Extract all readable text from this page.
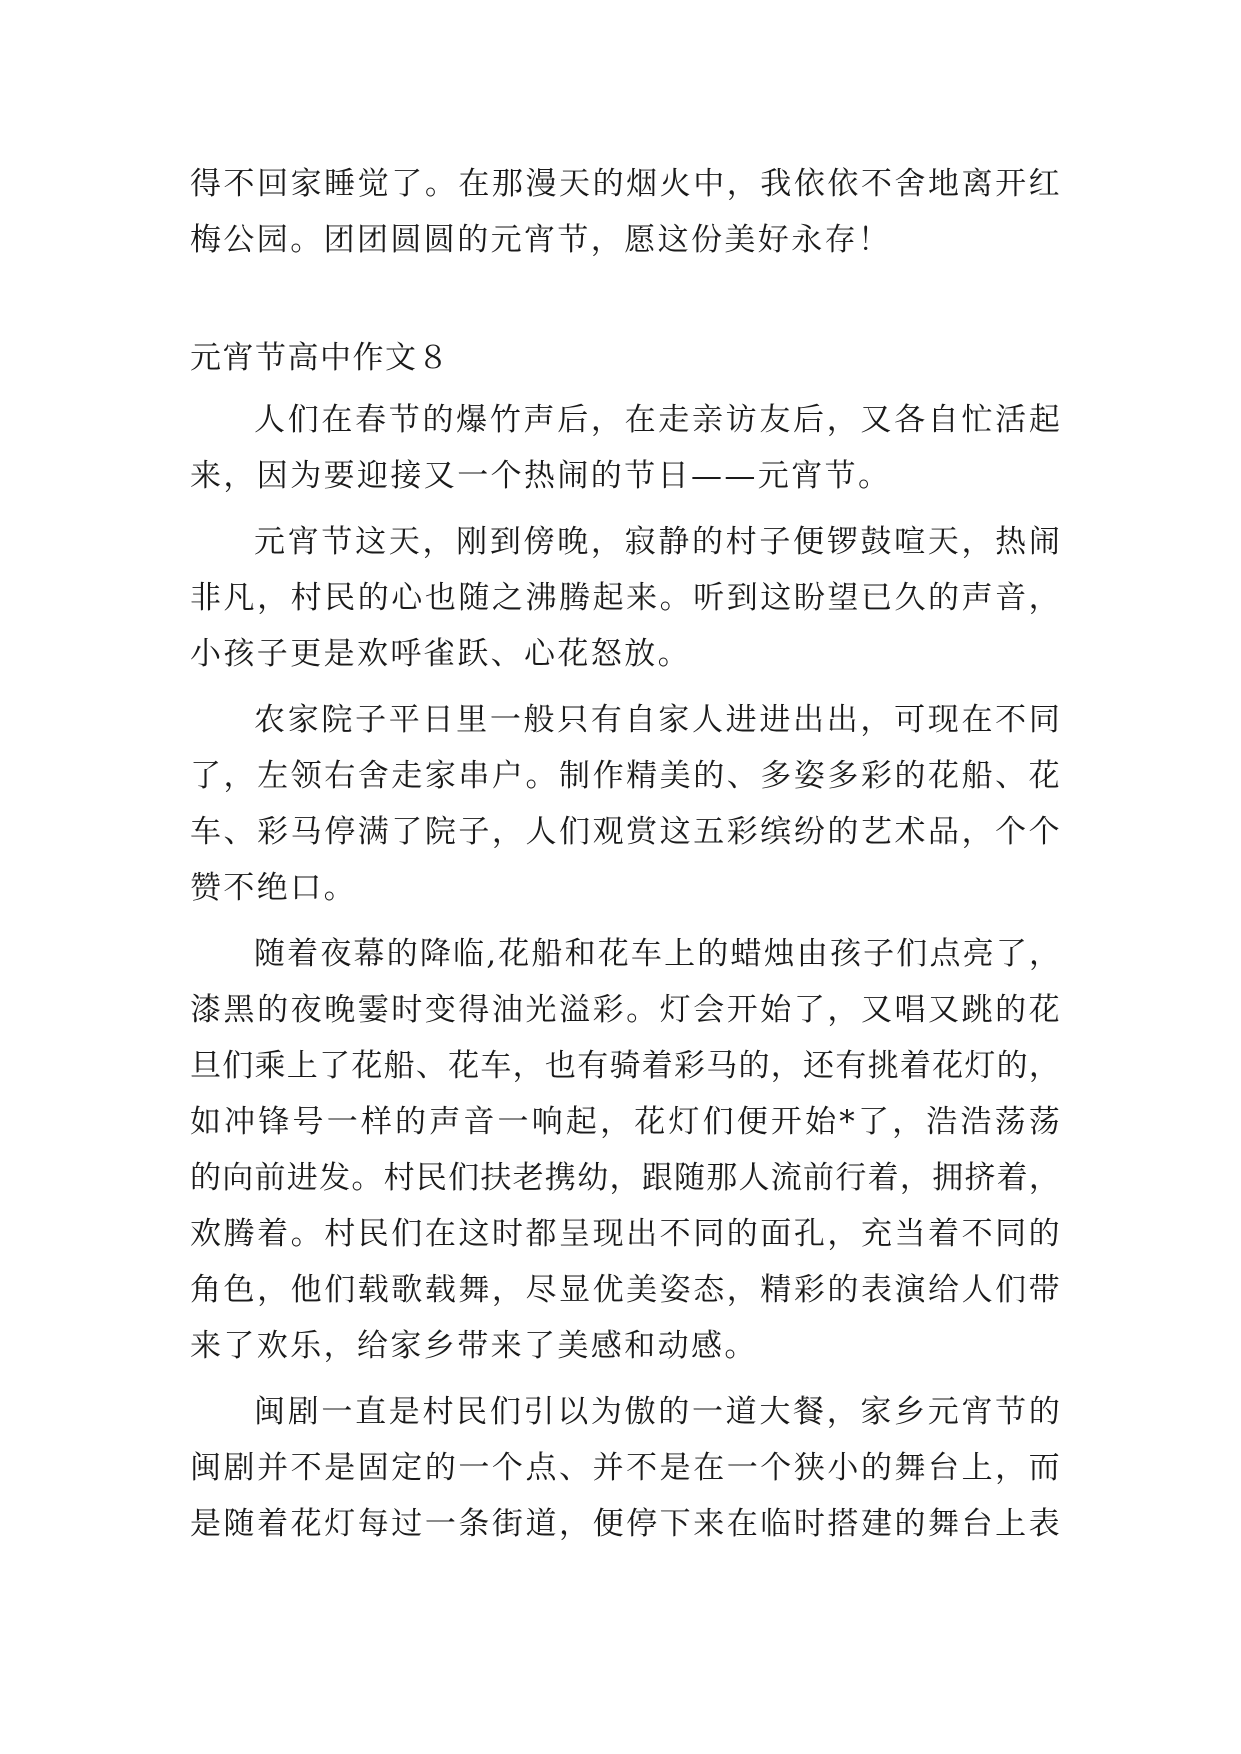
得 不 回 家 睡 觉 了 。 在 那 漫 天 的 烟 火 中 ， 我 依 依 不 舍 地 离 开 红
梅公园。团团圆圆的元宵节，愿这份美好永存！
元宵节高中作文８
人 们 在 春 节 的 爆 竹 声 后 ， 在 走 亲 访 友 后 ， 又 各 自 忙 活 起
来，因为要迎接又一个热闹的节日——元宵节。
元 宵 节 这 天 ， 刚 到 傍 晚 ， 寂 静 的 村 子 便 锣 鼓 喧 天 ， 热 闹
非 凡 ， 村 民 的 心 也 随 之 沸 腾 起 来 。 听 到 这 盼 望 已 久 的 声 音 ，
小孩子更是欢呼雀跃、心花怒放。
农 家 院 子 平 日 里 一 般 只 有 自 家 人 进 进 出 出 ， 可 现 在 不 同
了 ， 左 领 右 舍 走 家 串 户 。 制 作 精 美 的 、 多 姿 多 彩 的 花 船 、 花
车 、 彩 马 停 满 了 院 子 ， 人 们 观 赏 这 五 彩 缤 纷 的 艺 术 品 ， 个 个
赞不绝口。
随 着 夜 幕 的 降 临 , 花 船 和 花 车 上 的 蜡 烛 由 孩 子 们 点 亮 了 ，
漆 黑 的 夜 晚 霎 时 变 得 油 光 溢 彩 。 灯 会 开 始 了 ， 又 唱 又 跳 的 花
旦 们 乘 上 了 花 船 、 花 车 ， 也 有 骑 着 彩 马 的 ， 还 有 挑 着 花 灯 的 ，
如 冲 锋 号 一 样 的 声 音 一 响 起 ， 花 灯 们 便 开 始 * 了 ， 浩 浩 荡 荡
的 向 前 进 发 。 村 民 们 扶 老 携 幼 ， 跟 随 那 人 流 前 行 着 ， 拥 挤 着 ，
欢 腾 着 。 村 民 们 在 这 时 都 呈 现 出 不 同 的 面 孔 ， 充 当 着 不 同 的
角 色 ， 他 们 载 歌 载 舞 ， 尽 显 优 美 姿 态 ， 精 彩 的 表 演 给 人 们 带
来了欢乐，给家乡带来了美感和动感。
闽 剧 一 直 是 村 民 们 引 以 为 傲 的 一 道 大 餐 ， 家 乡 元 宵 节 的
闽 剧 并 不 是 固 定 的 一 个 点 、 并 不 是 在 一 个 狭 小 的 舞 台 上 ， 而
是 随 着 花 灯 每 过 一 条 街 道 ， 便 停 下 来 在 临 时 搭 建 的 舞 台 上 表
